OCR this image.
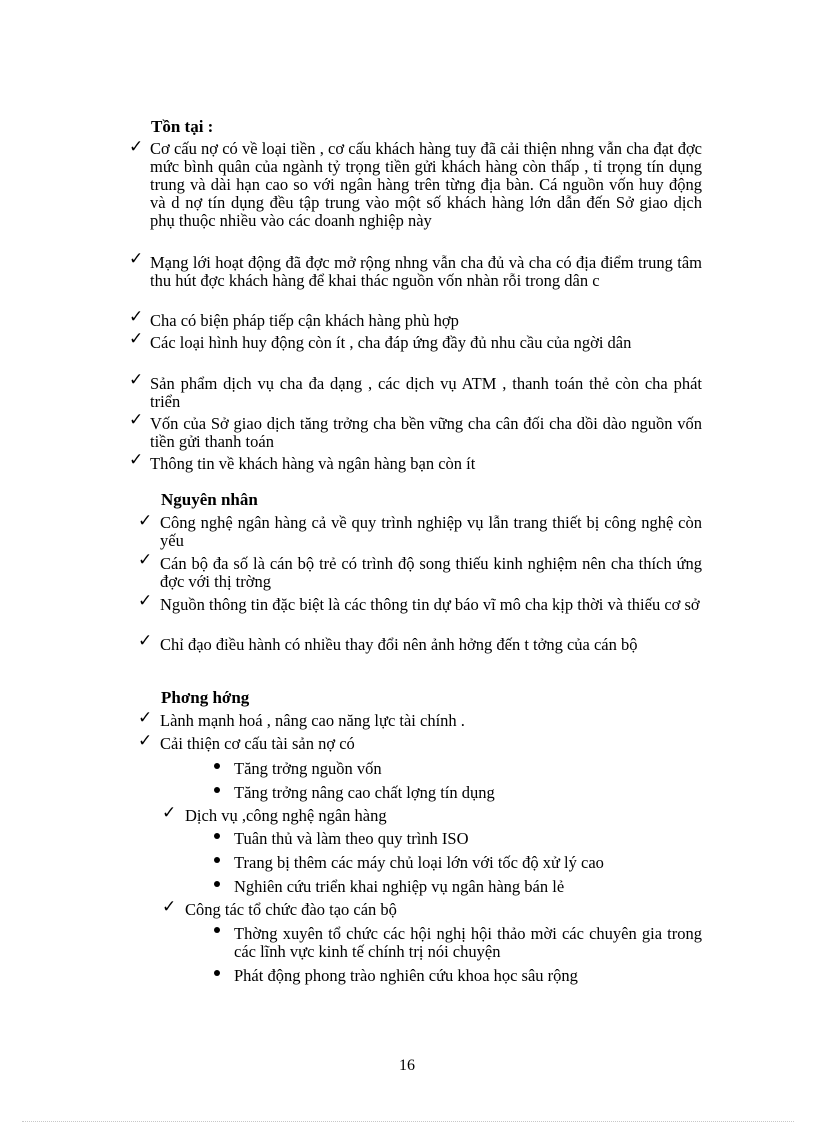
Tồn tại :
✓ Cơ cấu nợ có về loại tiền , cơ cấu khách hàng tuy đã cải thiện nhng vẫn cha đạt đợc mức bình quân của ngành tỷ trọng tiền gửi khách hàng còn thấp , tỉ trọng tín dụng trung và dài hạn cao so với ngân hàng trên từng địa bàn. Cá nguồn vốn huy động và d nợ tín dụng đều tập trung vào một số khách hàng lớn dẫn đến Sở giao dịch phụ thuộc nhiều vào các doanh nghiệp này
✓ Mạng lới hoạt động đã đợc mở rộng nhng vẫn cha đủ và cha có địa điểm trung tâm thu hút đợc khách hàng để khai thác nguồn vốn nhàn rỗi trong dân c
✓ Cha có biện pháp tiếp cận khách hàng phù hợp
✓ Các loại hình huy động còn ít , cha đáp ứng đầy đủ nhu cầu của ngời dân
✓ Sản phẩm dịch vụ cha đa dạng , các dịch vụ ATM , thanh toán thẻ còn cha phát triển
✓ Vốn của Sở giao dịch tăng trởng cha bền vững cha cân đối cha dồi dào nguồn vốn tiền gửi thanh toán
✓ Thông tin về khách hàng và ngân hàng bạn còn ít
Nguyên nhân
✓ Công nghệ ngân hàng cả về quy trình nghiệp vụ lẫn trang thiết bị công nghệ còn yếu
✓ Cán bộ đa số là cán bộ trẻ có trình độ song thiếu kinh nghiệm nên cha thích ứng đợc với thị trờng
✓ Nguồn thông tin đặc biệt là các thông tin dự báo vĩ mô cha kịp thời và thiếu cơ sở
✓ Chỉ đạo điều hành có nhiều thay đổi nên ảnh hởng đến t tởng của cán bộ
Phơng hớng
✓ Lành mạnh hoá , nâng cao năng lực tài chính .
✓ Cải thiện cơ cấu tài sản nợ có
Tăng trởng nguồn vốn
Tăng trởng nâng cao chất lợng tín dụng
✓ Dịch vụ ,công nghệ ngân hàng
Tuân thủ và làm theo quy trình ISO
Trang bị thêm các máy chủ loại lớn với tốc độ xử lý cao
Nghiên cứu triển khai nghiệp vụ ngân hàng bán lẻ
✓ Công tác tổ chức đào tạo cán bộ
Thờng xuyên tổ chức các hội nghị hội thảo mời các chuyên gia trong các lĩnh vực kinh tế chính trị nói chuyện
Phát động phong trào nghiên cứu khoa học sâu rộng
16
